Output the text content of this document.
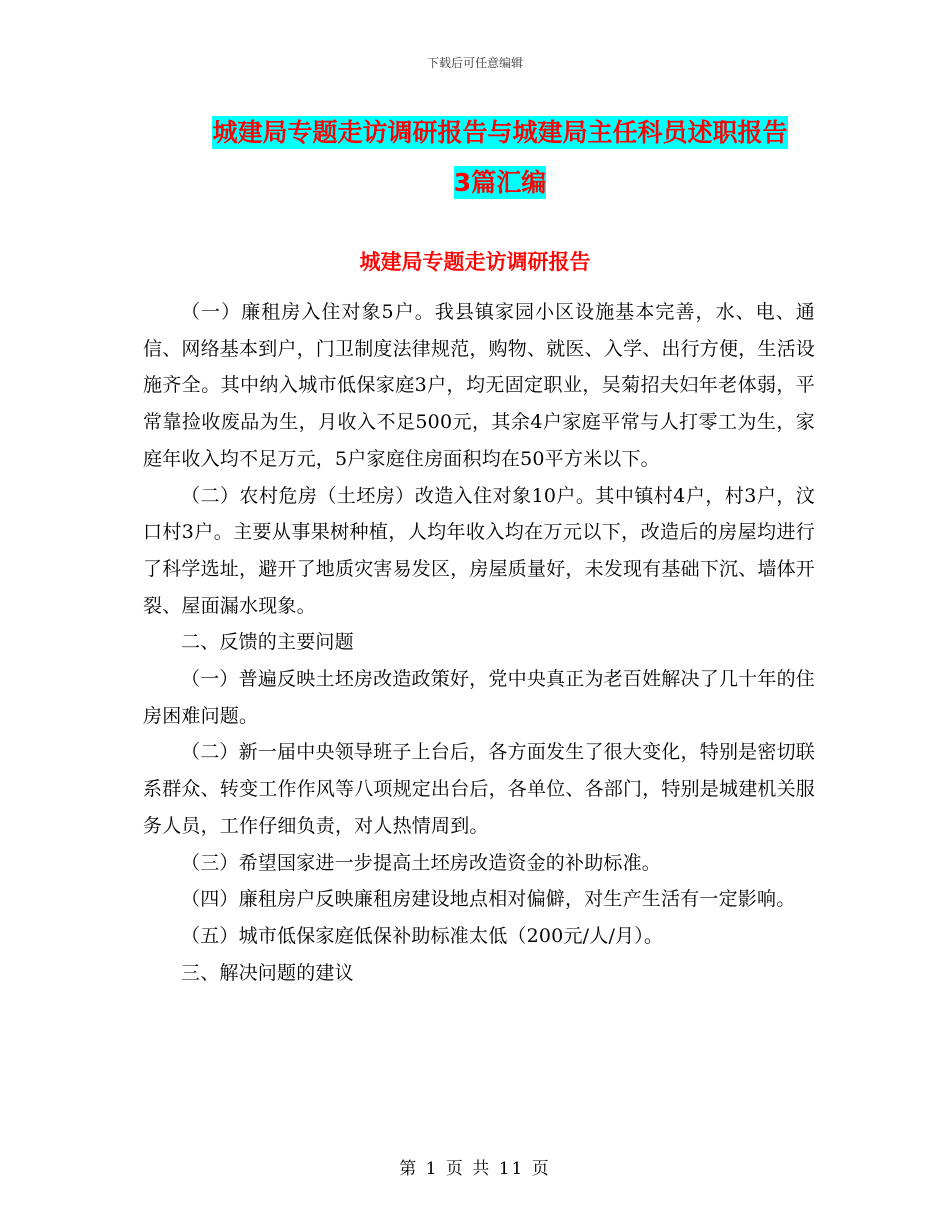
下载后可任意编辑
城建局专题走访调研报告与城建局主任科员述职报告
3篇汇编
城建局专题走访调研报告

（一）廉租房入住对象5户。我县镇家园小区设施基本完善，水、电、通信、网络基本到户，门卫制度法律规范，购物、就医、入学、出行方便，生活设施齐全。其中纳入城市低保家庭3户，均无固定职业，吴菊招夫妇年老体弱，平常靠捡收废品为生，月收入不足500元，其余4户家庭平常与人打零工为生，家庭年收入均不足万元，5户家庭住房面积均在50平方米以下。

（二）农村危房（土坯房）改造入住对象10户。其中镇村4户，村3户，汶口村3户。主要从事果树种植，人均年收入均在万元以下，改造后的房屋均进行了科学选址，避开了地质灾害易发区，房屋质量好，未发现有基础下沉、墙体开裂、屋面漏水现象。

二、反馈的主要问题

（一）普遍反映土坯房改造政策好，党中央真正为老百姓解决了几十年的住房困难问题。

（二）新一届中央领导班子上台后，各方面发生了很大变化，特别是密切联系群众、转变工作作风等八项规定出台后，各单位、各部门，特别是城建机关服务人员，工作仔细负责，对人热情周到。

（三）希望国家进一步提高土坯房改造资金的补助标准。

（四）廉租房户反映廉租房建设地点相对偏僻，对生产生活有一定影响。

（五）城市低保家庭低保补助标准太低（200元/人/月）。

三、解决问题的建议

第 1 页 共 11 页
